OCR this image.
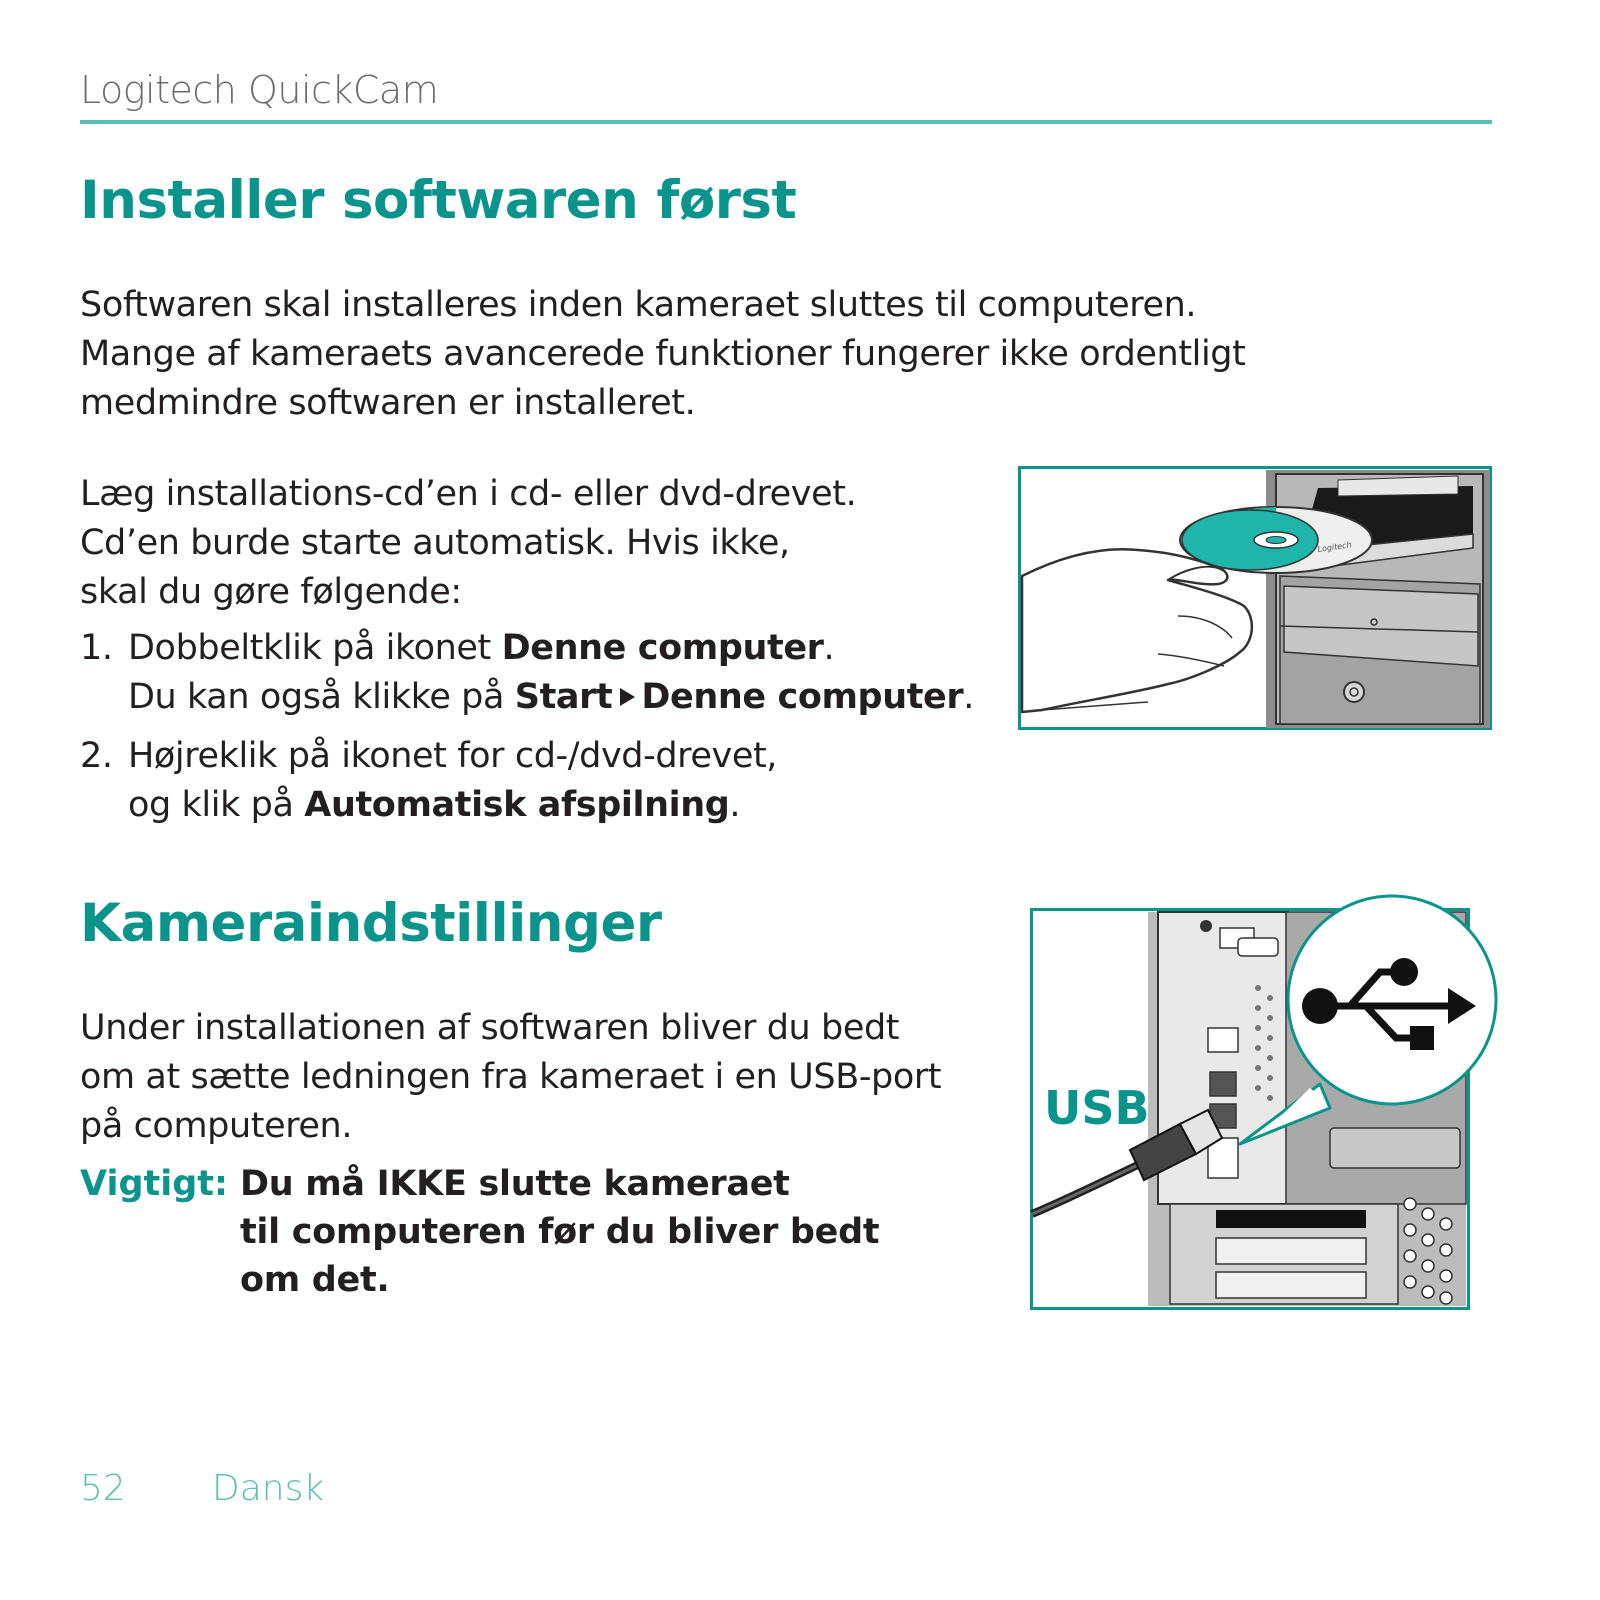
Logitech QuickCam
Installer softwaren først

Softwaren skal installeres inden kameraet sluttes til computeren.
Mange af kameraets avancerede funktioner fungerer ikke ordentligt
medmindre softwaren er installeret.

Læg installations-cd’en i cd- eller dvd-drevet.
Cd’en burde starte automatisk. Hvis ikke,
skal du gøre følgende:

1. Dobbeltklik på ikonet Denne computer.
Du kan også klikke på Start Denne computer.
2. Højreklik på ikonet for cd-/dvd-drevet,
og klik på Automatisk afspilning.
Logitech
Kameraindstillinger

Under installationen af softwaren bliver du bedt
om at sætte ledningen fra kameraet i en USB-port
på computeren.

Vigtigt: Du må IKKE slutte kameraet
til computeren før du bliver bedt
om det.
USB
52 Dansk
